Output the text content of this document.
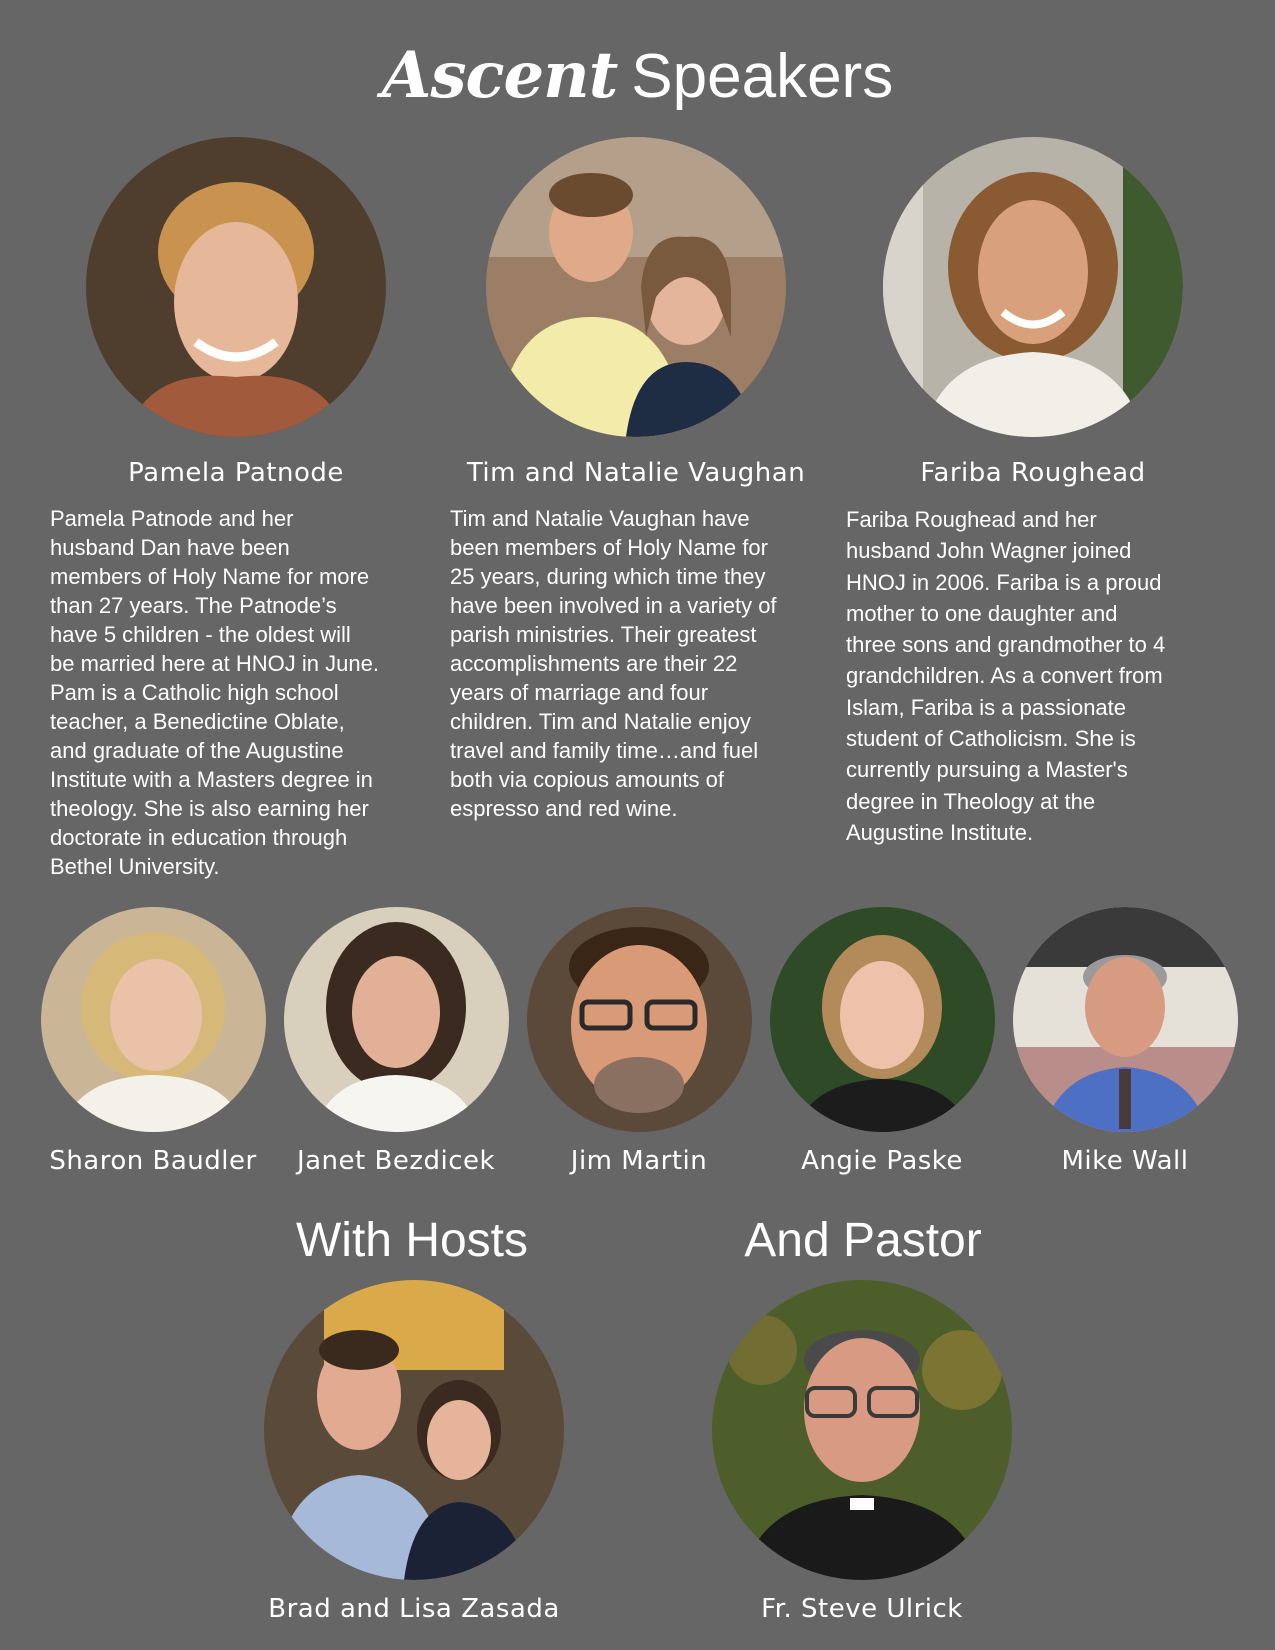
Ascent Speakers
Pamela Patnode

Pamela Patnode and her

husband Dan have been

members of Holy Name for more

than 27 years. The Patnode’s

have 5 children - the oldest will

be married here at HNOJ in June.

Pam is a Catholic high school

teacher, a Benedictine Oblate,

and graduate of the Augustine

Institute with a Masters degree in

theology. She is also earning her

doctorate in education through

Bethel University.

Tim and Natalie Vaughan

Tim and Natalie Vaughan have

been members of Holy Name for

25 years, during which time they

have been involved in a variety of

parish ministries. Their greatest

accomplishments are their 22

years of marriage and four

children. Tim and Natalie enjoy

travel and family time…and fuel

both via copious amounts of

espresso and red wine.

Fariba Roughead

Fariba Roughead and her

husband John Wagner joined

HNOJ in 2006. Fariba is a proud

mother to one daughter and

three sons and grandmother to 4

grandchildren. As a convert from

Islam, Fariba is a passionate

student of Catholicism. She is

currently pursuing a Master's

degree in Theology at the

Augustine Institute.

Sharon Baudler	Janet Bezdicek	Jim Martin	Angie Paske	Mike Wall
With Hosts	And Pastor
Brad and Lisa Zasada	Fr. Steve Ulrick
